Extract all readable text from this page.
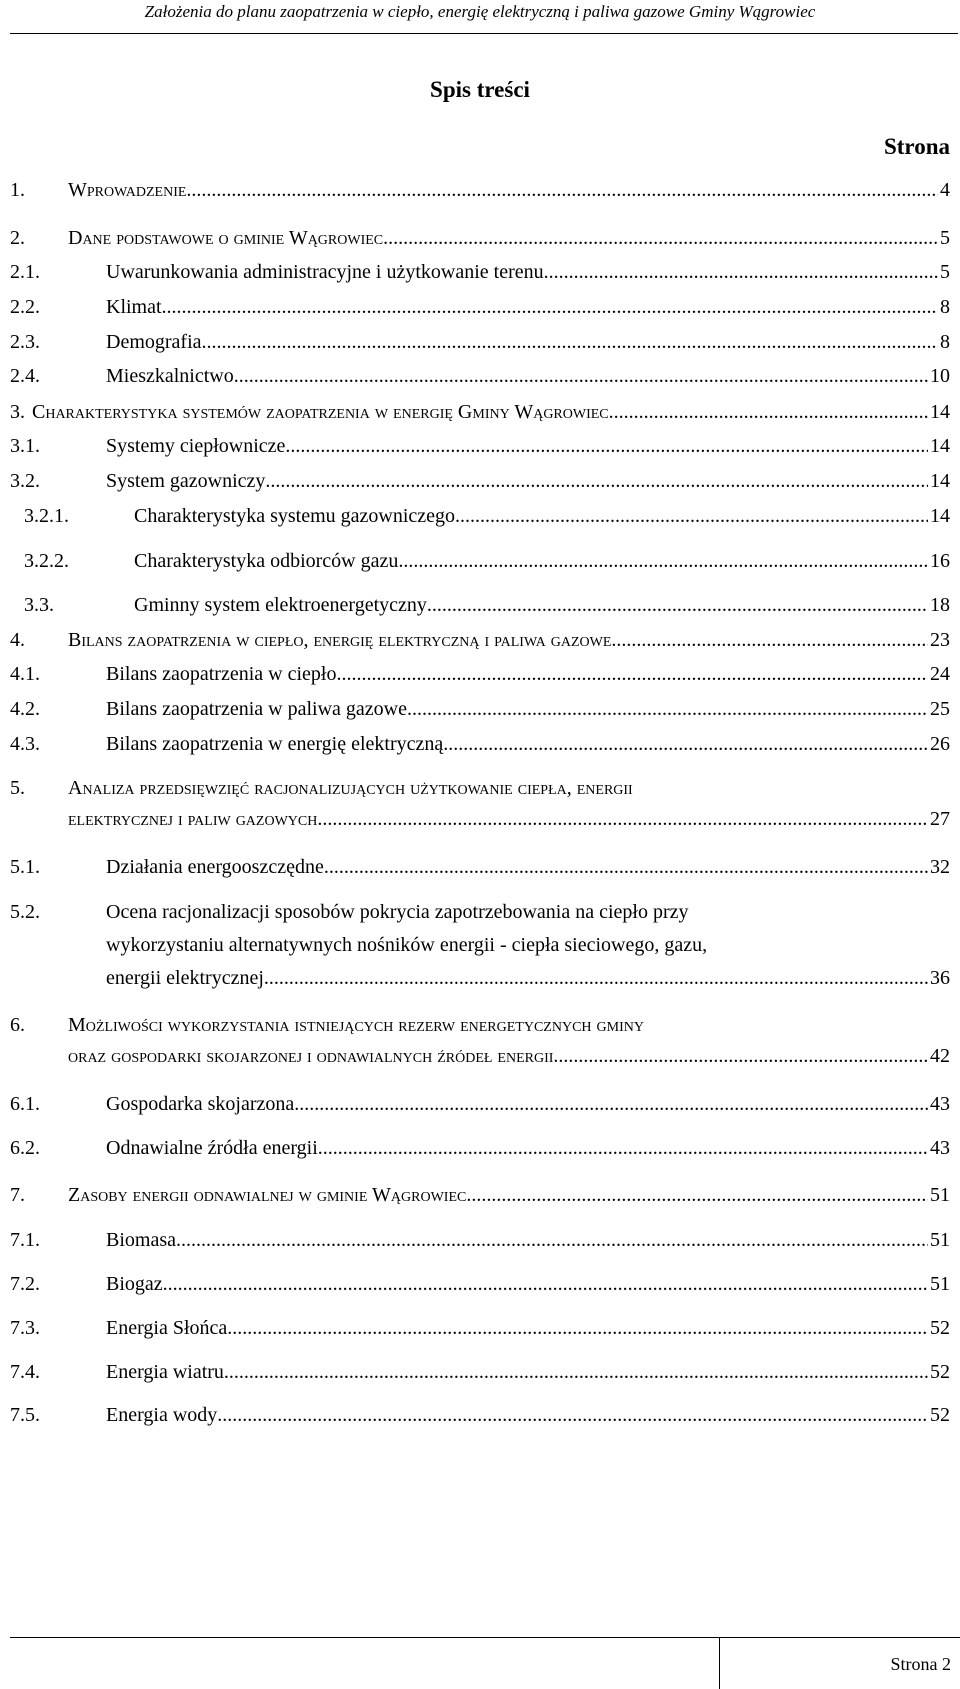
Założenia do planu zaopatrzenia w ciepło, energię elektryczną i paliwa gazowe Gminy Wągrowiec
Spis treści
Strona
1.	Wprowadzenie .....	4
2.	Dane podstawowe o gminie Wągrowiec .....	5
2.1.	Uwarunkowania administracyjne i użytkowanie terenu .....	5
2.2.	Klimat .....	8
2.3.	Demografia .....	8
2.4.	Mieszkalnictwo .....	10
3. Charakterystyka systemów zaopatrzenia w energię Gminy Wągrowiec .....	14
3.1.	Systemy ciepłownicze .....	14
3.2.	System gazowniczy .....	14
3.2.1.	Charakterystyka systemu gazowniczego .....	14
3.2.2.	Charakterystyka odbiorców gazu .....	16
3.3.	Gminny system elektroenergetyczny .....	18
4.	Bilans zaopatrzenia w ciepło, energię elektryczną i paliwa gazowe .....	23
4.1.	Bilans zaopatrzenia w ciepło .....	24
4.2.	Bilans zaopatrzenia w paliwa gazowe .....	25
4.3.	Bilans zaopatrzenia w energię elektryczną .....	26
5.	Analiza przedsięwzięć racjonalizujących użytkowanie ciepła, energii
elektrycznej i paliw gazowych .....	27
5.1.	Działania energooszczędne .....	32
5.2.	Ocena racjonalizacji sposobów pokrycia zapotrzebowania na ciepło przy
wykorzystaniu alternatywnych nośników energii - ciepła sieciowego, gazu,
energii elektrycznej .....	36
6.	Możliwości wykorzystania istniejących rezerw energetycznych gminy
oraz gospodarki skojarzonej i odnawialnych źródeł energii .....	42
6.1.	Gospodarka skojarzona .....	43
6.2.	Odnawialne źródła energii .....	43
7.	Zasoby energii odnawialnej w gminie Wągrowiec .....	51
7.1.	Biomasa .....	51
7.2.	Biogaz .....	51
7.3.	Energia Słońca .....	52
7.4.	Energia wiatru .....	52
7.5.	Energia wody .....	52
Strona 2
